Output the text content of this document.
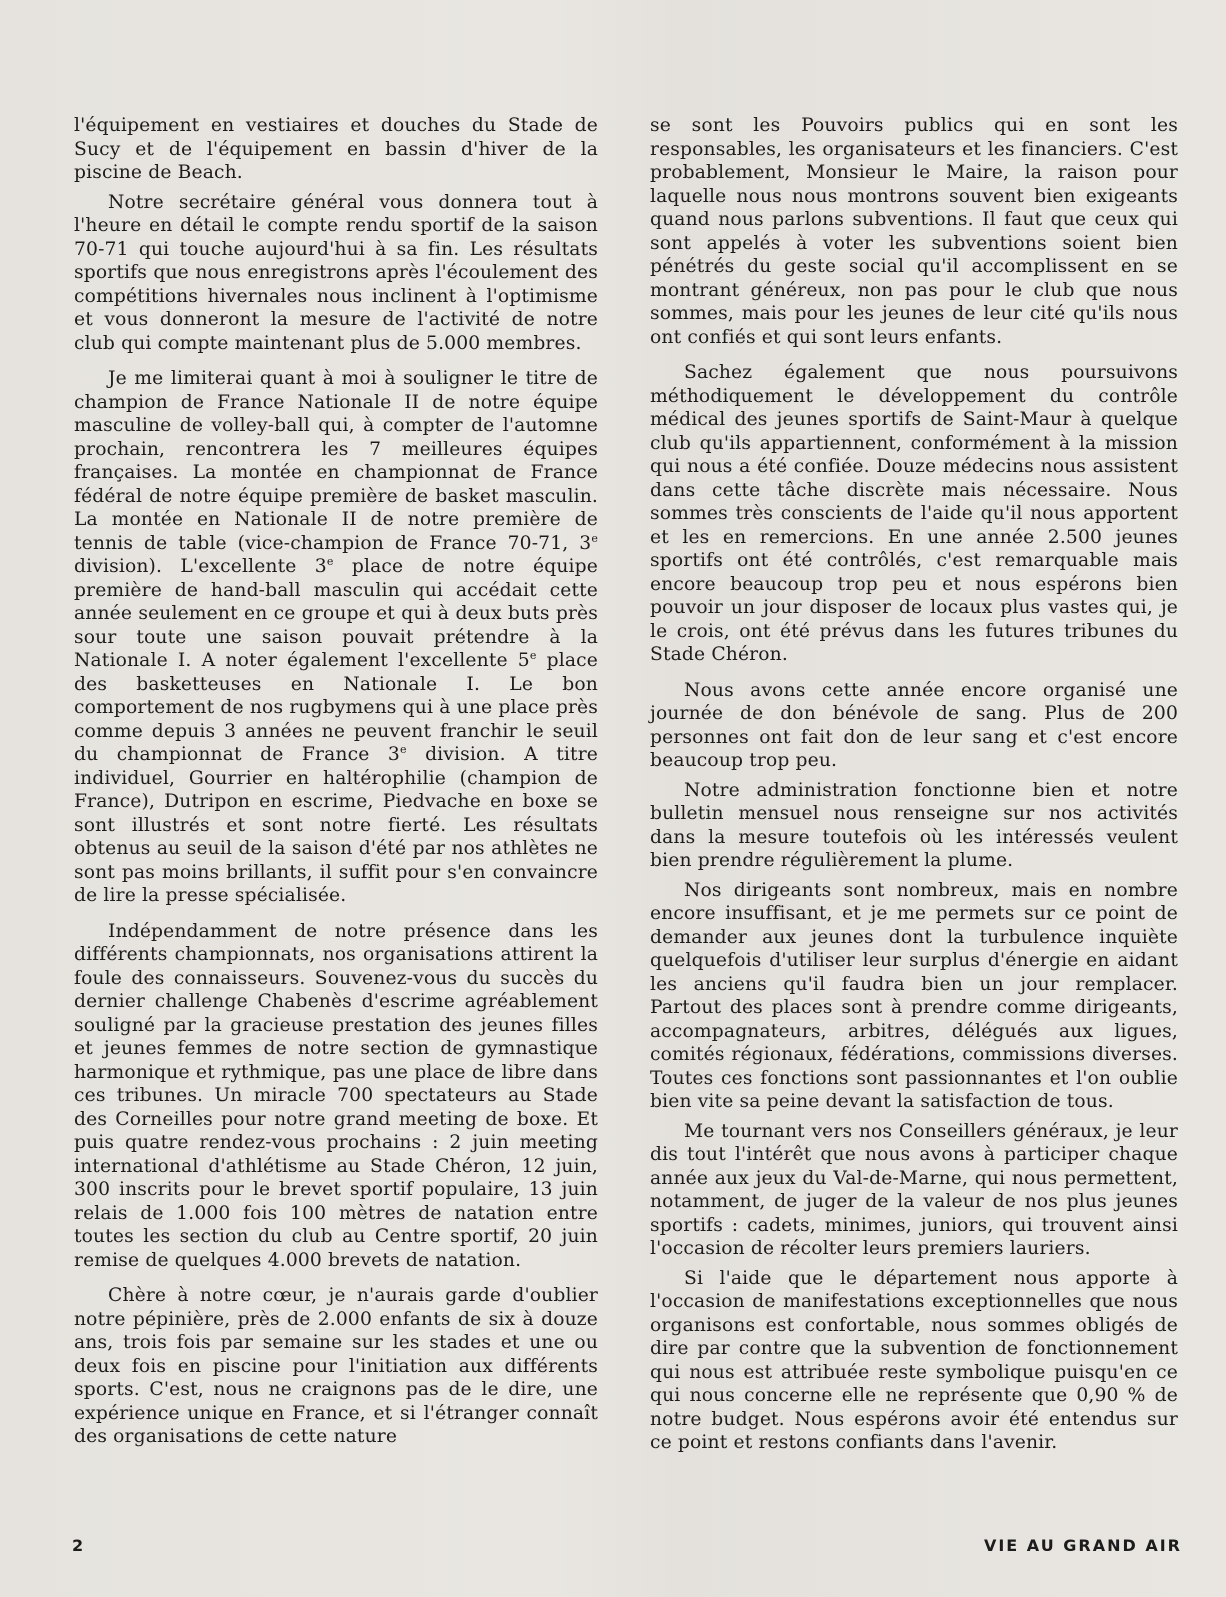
l'équipement en vestiaires et douches du Stade de Sucy et de l'équipement en bassin d'hiver de la piscine de Beach.

Notre secrétaire général vous donnera tout à l'heure en détail le compte rendu sportif de la saison 70-71 qui touche aujourd'hui à sa fin. Les résultats sportifs que nous enregistrons après l'écoulement des compétitions hivernales nous inclinent à l'optimisme et vous donneront la mesure de l'activité de notre club qui compte maintenant plus de 5.000 membres.

Je me limiterai quant à moi à souligner le titre de champion de France Nationale II de notre équipe masculine de volley-ball qui, à compter de l'automne prochain, rencontrera les 7 meilleures équipes françaises. La montée en championnat de France fédéral de notre équipe première de basket masculin. La montée en Nationale II de notre première de tennis de table (vice-champion de France 70-71, 3e division). L'excellente 3e place de notre équipe première de hand-ball masculin qui accédait cette année seulement en ce groupe et qui à deux buts près sour toute une saison pouvait prétendre à la Nationale I. A noter également l'excellente 5e place des basketteuses en Nationale I. Le bon comportement de nos rugbymens qui à une place près comme depuis 3 années ne peuvent franchir le seuil du championnat de France 3e division. A titre individuel, Gourrier en haltérophilie (champion de France), Dutripon en escrime, Piedvache en boxe se sont illustrés et sont notre fierté. Les résultats obtenus au seuil de la saison d'été par nos athlètes ne sont pas moins brillants, il suffit pour s'en convaincre de lire la presse spécialisée.

Indépendamment de notre présence dans les différents championnats, nos organisations attirent la foule des connaisseurs. Souvenez-vous du succès du dernier challenge Chabenès d'escrime agréablement souligné par la gracieuse prestation des jeunes filles et jeunes femmes de notre section de gymnastique harmonique et rythmique, pas une place de libre dans ces tribunes. Un miracle 700 spectateurs au Stade des Corneilles pour notre grand meeting de boxe. Et puis quatre rendez-vous prochains : 2 juin meeting international d'athlétisme au Stade Chéron, 12 juin, 300 inscrits pour le brevet sportif populaire, 13 juin relais de 1.000 fois 100 mètres de natation entre toutes les section du club au Centre sportif, 20 juin remise de quelques 4.000 brevets de natation.

Chère à notre cœur, je n'aurais garde d'oublier notre pépinière, près de 2.000 enfants de six à douze ans, trois fois par semaine sur les stades et une ou deux fois en piscine pour l'initiation aux différents sports. C'est, nous ne craignons pas de le dire, une expérience unique en France, et si l'étranger connaît des organisations de cette nature

se sont les Pouvoirs publics qui en sont les responsables, les organisateurs et les financiers. C'est probablement, Monsieur le Maire, la raison pour laquelle nous nous montrons souvent bien exigeants quand nous parlons subventions. Il faut que ceux qui sont appelés à voter les subventions soient bien pénétrés du geste social qu'il accomplissent en se montrant généreux, non pas pour le club que nous sommes, mais pour les jeunes de leur cité qu'ils nous ont confiés et qui sont leurs enfants.

Sachez également que nous poursuivons méthodiquement le développement du contrôle médical des jeunes sportifs de Saint-Maur à quelque club qu'ils appartiennent, conformément à la mission qui nous a été confiée. Douze médecins nous assistent dans cette tâche discrète mais nécessaire. Nous sommes très conscients de l'aide qu'il nous apportent et les en remercions. En une année 2.500 jeunes sportifs ont été contrôlés, c'est remarquable mais encore beaucoup trop peu et nous espérons bien pouvoir un jour disposer de locaux plus vastes qui, je le crois, ont été prévus dans les futures tribunes du Stade Chéron.

Nous avons cette année encore organisé une journée de don bénévole de sang. Plus de 200 personnes ont fait don de leur sang et c'est encore beaucoup trop peu.

Notre administration fonctionne bien et notre bulletin mensuel nous renseigne sur nos activités dans la mesure toutefois où les intéressés veulent bien prendre régulièrement la plume.

Nos dirigeants sont nombreux, mais en nombre encore insuffisant, et je me permets sur ce point de demander aux jeunes dont la turbulence inquiète quelquefois d'utiliser leur surplus d'énergie en aidant les anciens qu'il faudra bien un jour remplacer. Partout des places sont à prendre comme dirigeants, accompagnateurs, arbitres, délégués aux ligues, comités régionaux, fédérations, commissions diverses. Toutes ces fonctions sont passionnantes et l'on oublie bien vite sa peine devant la satisfaction de tous.

Me tournant vers nos Conseillers généraux, je leur dis tout l'intérêt que nous avons à participer chaque année aux jeux du Val-de-Marne, qui nous permettent, notamment, de juger de la valeur de nos plus jeunes sportifs : cadets, minimes, juniors, qui trouvent ainsi l'occasion de récolter leurs premiers lauriers.

Si l'aide que le département nous apporte à l'occasion de manifestations exceptionnelles que nous organisons est confortable, nous sommes obligés de dire par contre que la subvention de fonctionnement qui nous est attribuée reste symbolique puisqu'en ce qui nous concerne elle ne représente que 0,90 % de notre budget. Nous espérons avoir été entendus sur ce point et restons confiants dans l'avenir.

2	VIE AU GRAND AIR
